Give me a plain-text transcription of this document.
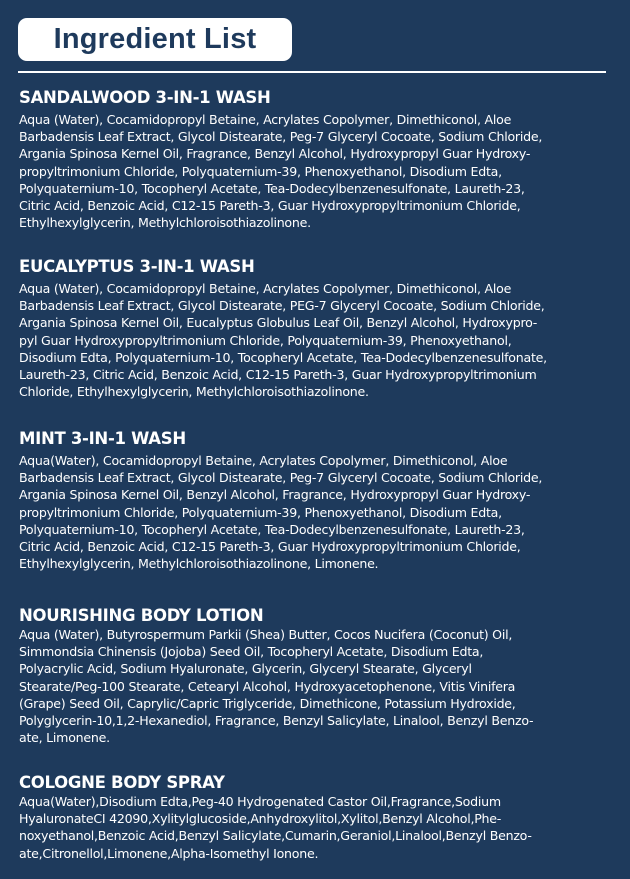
Ingredient List
SANDALWOOD 3-IN-1 WASH
Aqua (Water), Cocamidopropyl Betaine, Acrylates Copolymer, Dimethiconol, Aloe
Barbadensis Leaf Extract, Glycol Distearate, Peg-7 Glyceryl Cocoate, Sodium Chloride,
Argania Spinosa Kernel Oil, Fragrance, Benzyl Alcohol, Hydroxypropyl Guar Hydroxy-
propyltrimonium Chloride, Polyquaternium-39, Phenoxyethanol, Disodium Edta,
Polyquaternium-10, Tocopheryl Acetate, Tea-Dodecylbenzenesulfonate, Laureth-23,
Citric Acid, Benzoic Acid, C12-15 Pareth-3, Guar Hydroxypropyltrimonium Chloride,
Ethylhexylglycerin, Methylchloroisothiazolinone.
EUCALYPTUS 3-IN-1 WASH
Aqua (Water), Cocamidopropyl Betaine, Acrylates Copolymer, Dimethiconol, Aloe
Barbadensis Leaf Extract, Glycol Distearate, PEG-7 Glyceryl Cocoate, Sodium Chloride,
Argania Spinosa Kernel Oil, Eucalyptus Globulus Leaf Oil, Benzyl Alcohol, Hydroxypro-
pyl Guar Hydroxypropyltrimonium Chloride, Polyquaternium-39, Phenoxyethanol,
Disodium Edta, Polyquaternium-10, Tocopheryl Acetate, Tea-Dodecylbenzenesulfonate,
Laureth-23, Citric Acid, Benzoic Acid, C12-15 Pareth-3, Guar Hydroxypropyltrimonium
Chloride, Ethylhexylglycerin, Methylchloroisothiazolinone.
MINT 3-IN-1 WASH
Aqua(Water), Cocamidopropyl Betaine, Acrylates Copolymer, Dimethiconol, Aloe
Barbadensis Leaf Extract, Glycol Distearate, Peg-7 Glyceryl Cocoate, Sodium Chloride,
Argania Spinosa Kernel Oil, Benzyl Alcohol, Fragrance, Hydroxypropyl Guar Hydroxy-
propyltrimonium Chloride, Polyquaternium-39, Phenoxyethanol, Disodium Edta,
Polyquaternium-10, Tocopheryl Acetate, Tea-Dodecylbenzenesulfonate, Laureth-23,
Citric Acid, Benzoic Acid, C12-15 Pareth-3, Guar Hydroxypropyltrimonium Chloride,
Ethylhexylglycerin, Methylchloroisothiazolinone, Limonene.
NOURISHING BODY LOTION
Aqua (Water), Butyrospermum Parkii (Shea) Butter, Cocos Nucifera (Coconut) Oil,
Simmondsia Chinensis (Jojoba) Seed Oil, Tocopheryl Acetate, Disodium Edta,
Polyacrylic Acid, Sodium Hyaluronate, Glycerin, Glyceryl Stearate, Glyceryl
Stearate/Peg-100 Stearate, Cetearyl Alcohol, Hydroxyacetophenone, Vitis Vinifera
(Grape) Seed Oil, Caprylic/Capric Triglyceride, Dimethicone, Potassium Hydroxide,
Polyglycerin-10,1,2-Hexanediol, Fragrance, Benzyl Salicylate, Linalool, Benzyl Benzo-
ate, Limonene.
COLOGNE BODY SPRAY
Aqua(Water),Disodium Edta,Peg-40 Hydrogenated Castor Oil,Fragrance,Sodium
HyaluronateCI 42090,Xylitylglucoside,Anhydroxylitol,Xylitol,Benzyl Alcohol,Phe-
noxyethanol,Benzoic Acid,Benzyl Salicylate,Cumarin,Geraniol,Linalool,Benzyl Benzo-
ate,Citronellol,Limonene,Alpha-Isomethyl Ionone.
